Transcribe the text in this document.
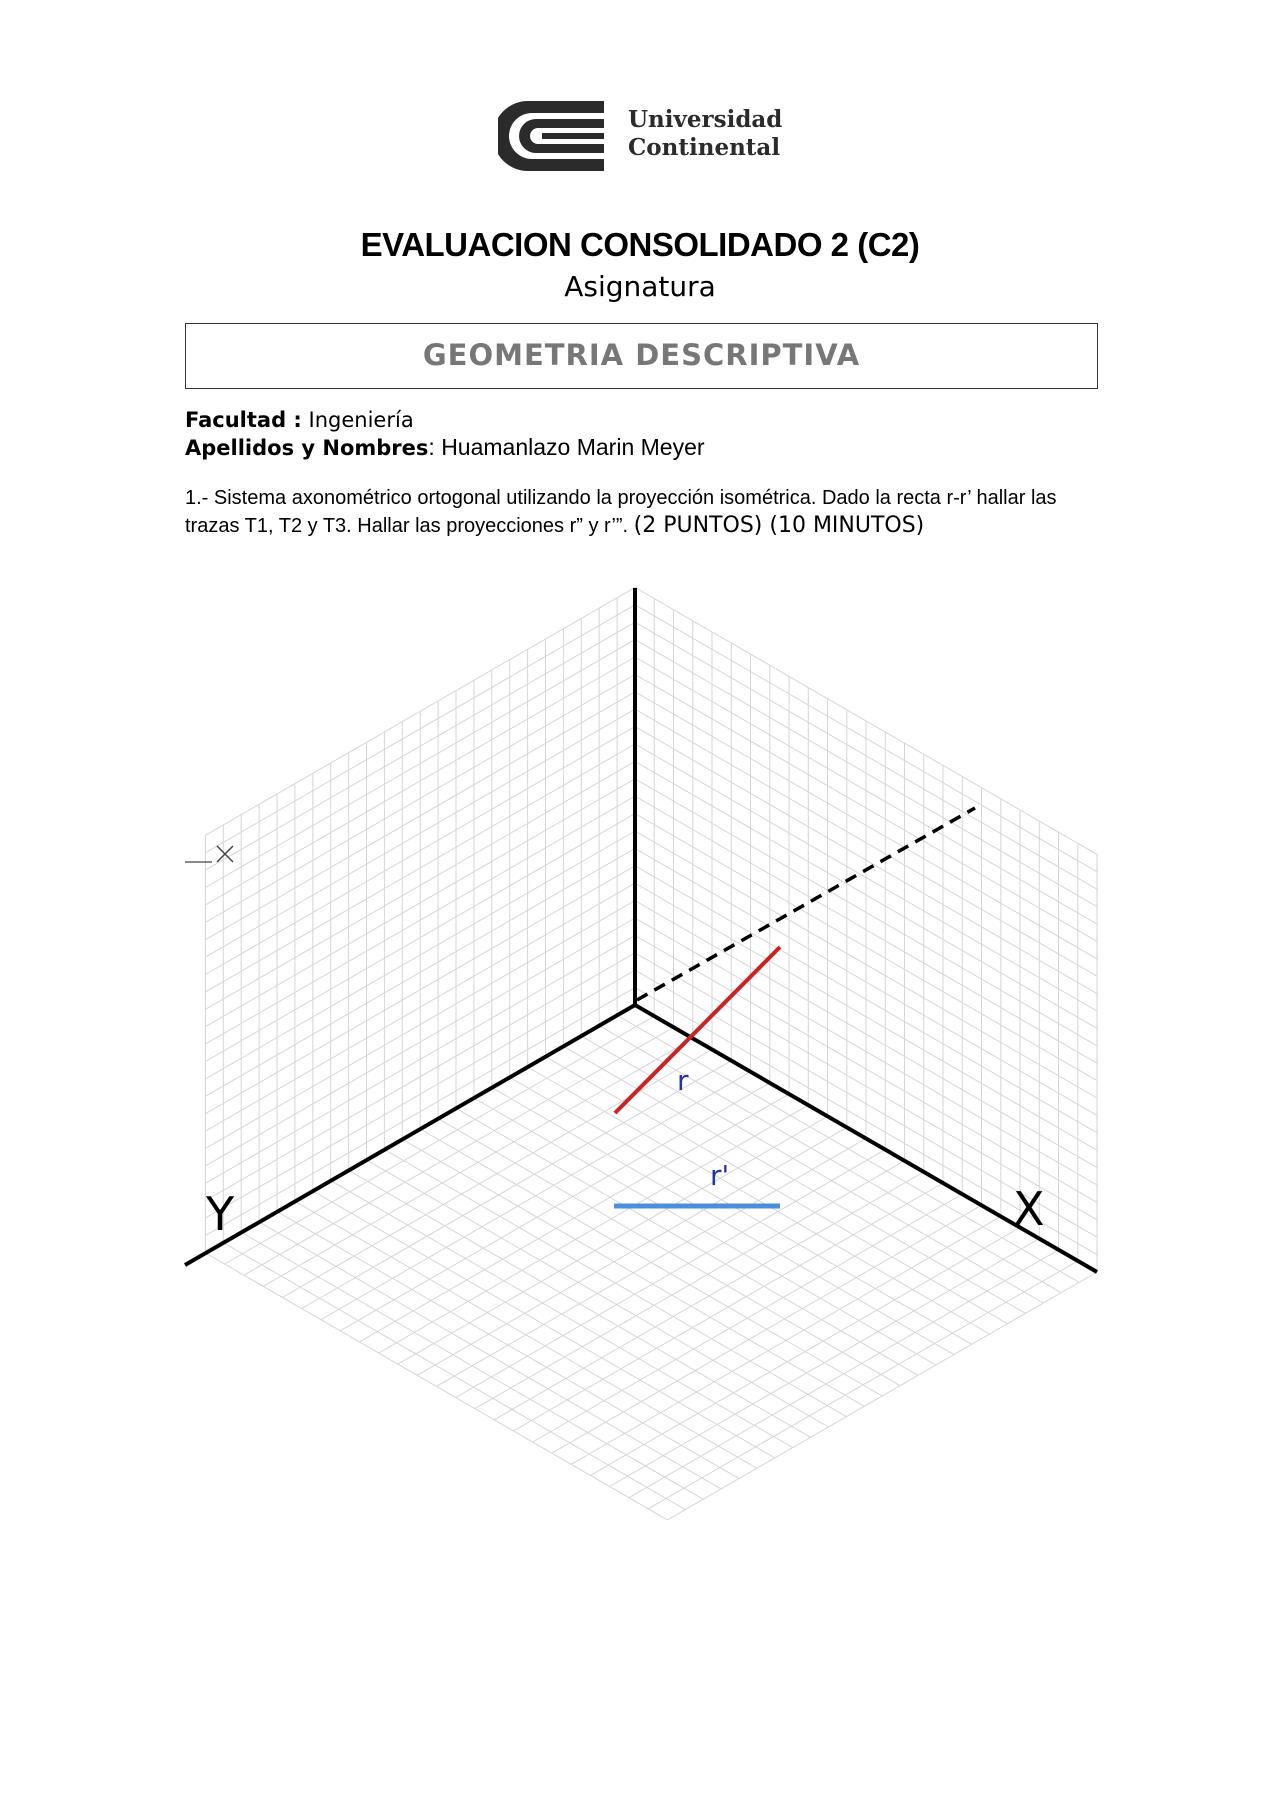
Universidad
Continental
EVALUACION CONSOLIDADO 2 (C2)
Asignatura
GEOMETRIA DESCRIPTIVA
Facultad : Ingeniería
Apellidos y Nombres: Huamanlazo Marin Meyer
1.- Sistema axonométrico ortogonal utilizando la proyección isométrica. Dado la recta r-r’ hallar las trazas T1, T2 y T3. Hallar las proyecciones r” y r’”. (2 PUNTOS) (10 MINUTOS)
r
r'
Y	X
